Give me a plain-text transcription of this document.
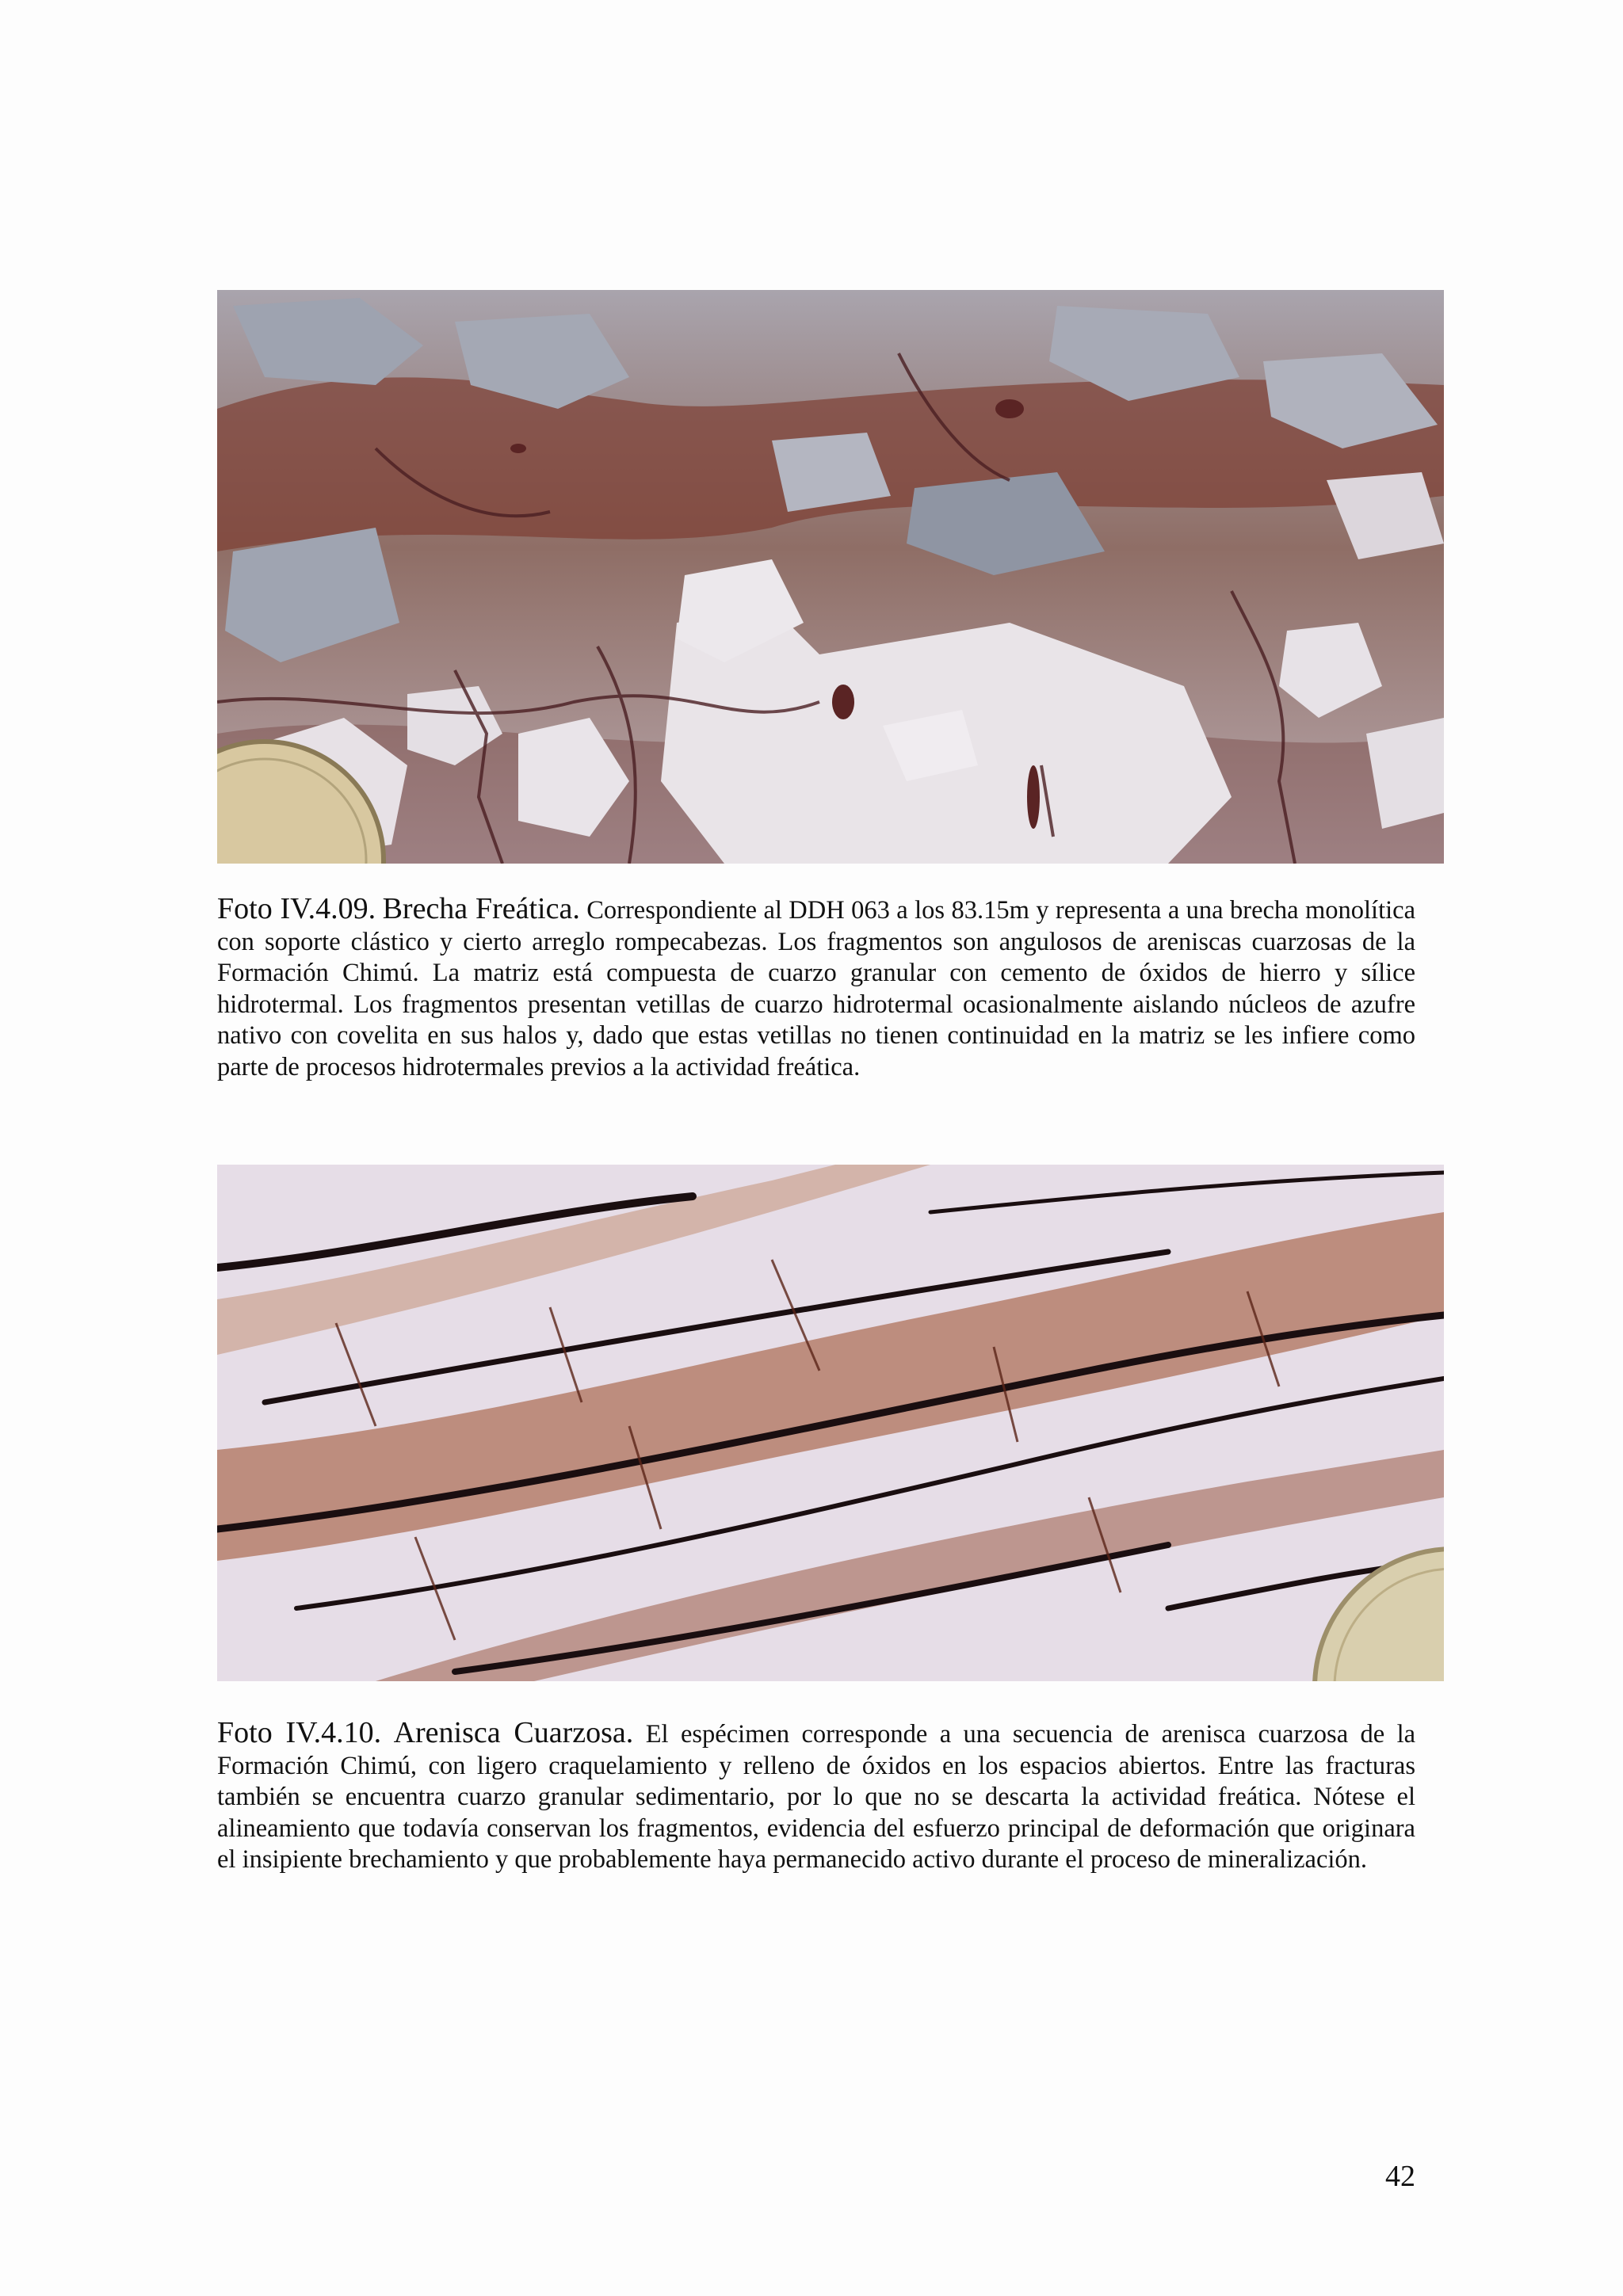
Foto IV.4.09. Brecha Freática. Correspondiente al DDH 063 a los 83.15m y representa a una brecha monolítica con soporte clástico y cierto arreglo rompecabezas. Los fragmentos son angulosos de areniscas cuarzosas de la Formación Chimú. La matriz está compuesta de cuarzo granular con cemento de óxidos de hierro y sílice hidrotermal. Los fragmentos presentan vetillas de cuarzo hidrotermal ocasionalmente aislando núcleos de azufre nativo con covelita en sus halos y, dado que estas vetillas no tienen continuidad en la matriz se les infiere como parte de procesos hidrotermales previos a la actividad freática.

Foto IV.4.10. Arenisca Cuarzosa. El espécimen corresponde a una secuencia de arenisca cuarzosa de la Formación Chimú, con ligero craquelamiento y relleno de óxidos en los espacios abiertos. Entre las fracturas también se encuentra cuarzo granular sedimentario, por lo que no se descarta la actividad freática. Nótese el alineamiento que todavía conservan los fragmentos, evidencia del esfuerzo principal de deformación que originara el insipiente brechamiento y que probablemente haya permanecido activo durante el proceso de mineralización.

42
